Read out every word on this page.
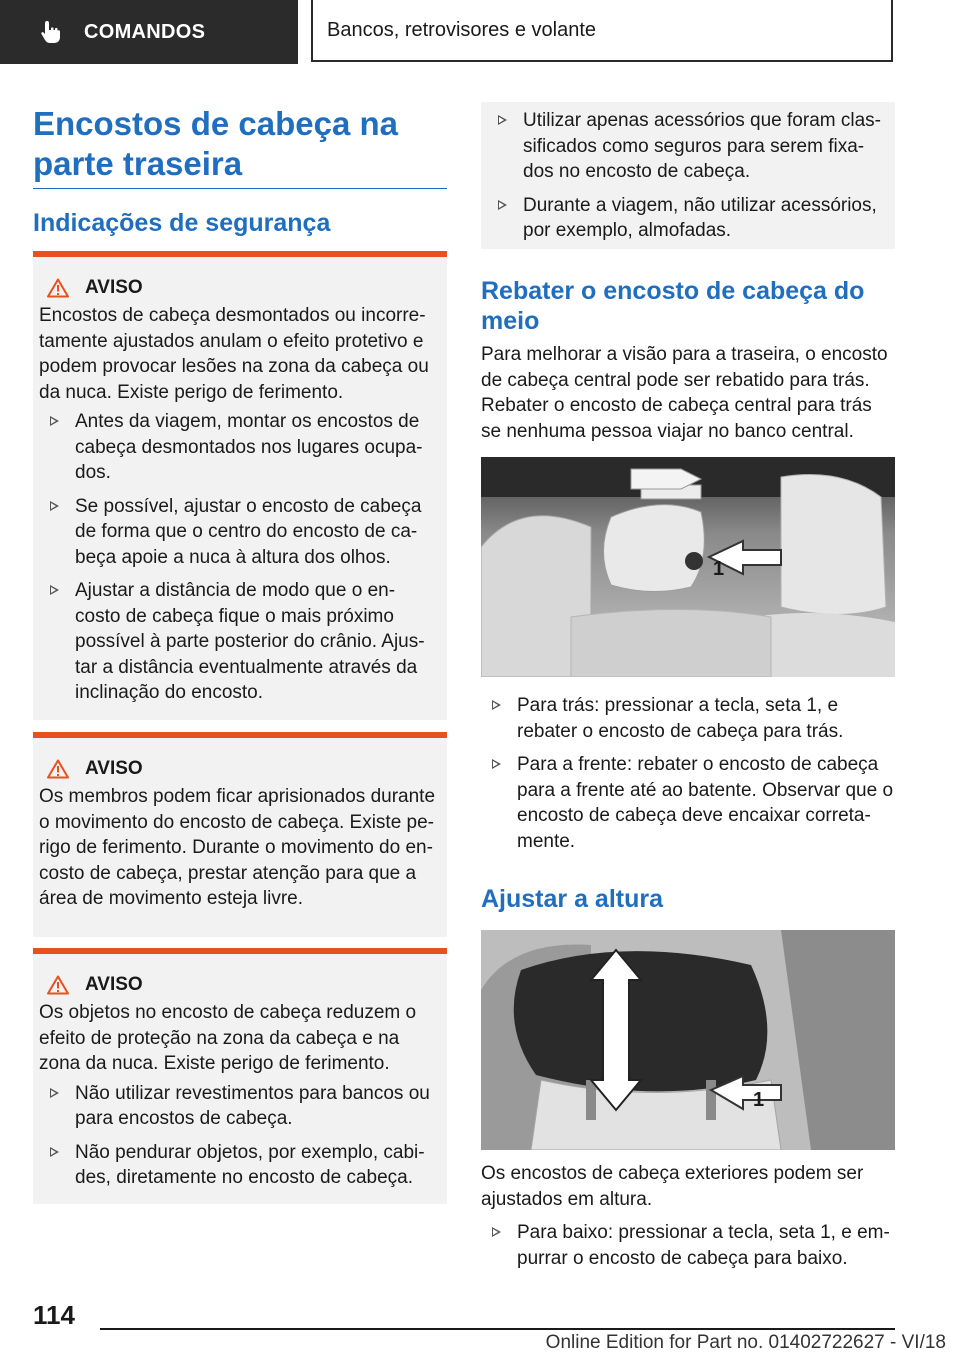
COMANDOS	Bancos, retrovisores e volante
Encostos de cabeça na parte traseira
Indicações de segurança
AVISO
Encostos de cabeça desmontados ou incorre-tamente ajustados anulam o efeito protetivo e podem provocar lesões na zona da cabeça ou da nuca. Existe perigo de ferimento.
Antes da viagem, montar os encostos de cabeça desmontados nos lugares ocupa-dos.
Se possível, ajustar o encosto de cabeça de forma que o centro do encosto de ca-beça apoie a nuca à altura dos olhos.
Ajustar a distância de modo que o en-costo de cabeça fique o mais próximo possível à parte posterior do crânio. Ajus-tar a distância eventualmente através da inclinação do encosto.
AVISO
Os membros podem ficar aprisionados durante o movimento do encosto de cabeça. Existe pe-rigo de ferimento. Durante o movimento do en-costo de cabeça, prestar atenção para que a área de movimento esteja livre.
AVISO
Os objetos no encosto de cabeça reduzem o efeito de proteção na zona da cabeça e na zona da nuca. Existe perigo de ferimento.
Não utilizar revestimentos para bancos ou para encostos de cabeça.
Não pendurar objetos, por exemplo, cabi-des, diretamente no encosto de cabeça.
Utilizar apenas acessórios que foram clas-sificados como seguros para serem fixa-dos no encosto de cabeça.
Durante a viagem, não utilizar acessórios, por exemplo, almofadas.
Rebater o encosto de cabeça do meio
Para melhorar a visão para a traseira, o encosto de cabeça central pode ser rebatido para trás. Rebater o encosto de cabeça central para trás se nenhuma pessoa viajar no banco central.
1
Para trás: pressionar a tecla, seta 1, e rebater o encosto de cabeça para trás.
Para a frente: rebater o encosto de cabeça para a frente até ao batente. Observar que o encosto de cabeça deve encaixar correta-mente.
Ajustar a altura
1
Os encostos de cabeça exteriores podem ser ajustados em altura.
Para baixo: pressionar a tecla, seta 1, e em-purrar o encosto de cabeça para baixo.
114
Online Edition for Part no. 01402722627 - VI/18
